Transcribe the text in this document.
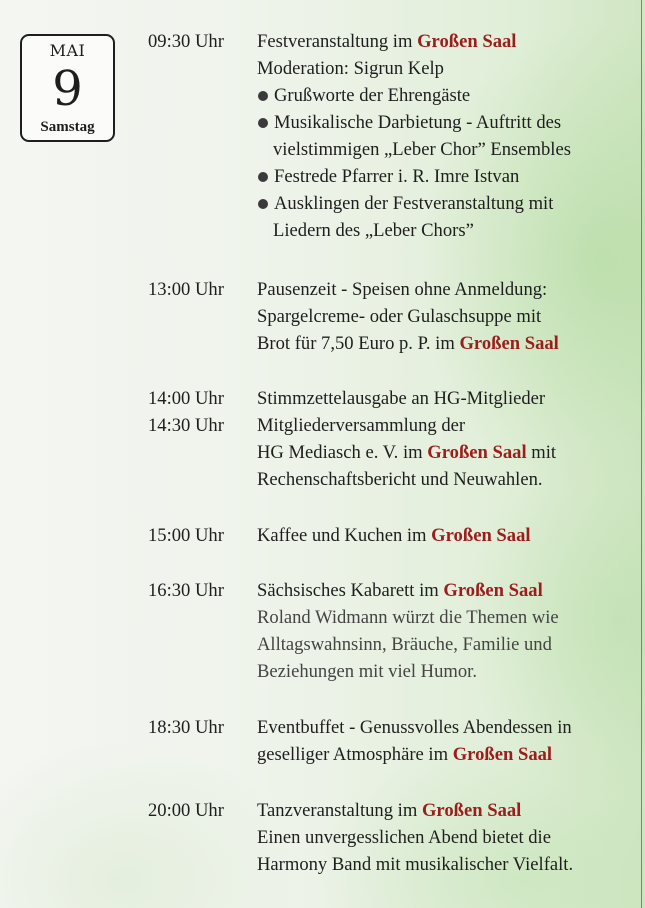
MAI
9
Samstag
09:30 Uhr Festveranstaltung im Großen Saal
Moderation: Sigrun Kelp
Grußworte der Ehrengäste
Musikalische Darbietung - Auftritt des
vielstimmigen „Leber Chor” Ensembles
Festrede Pfarrer i. R. Imre Istvan
Ausklingen der Festveranstaltung mit
Liedern des „Leber Chors”
13:00 Uhr Pausenzeit - Speisen ohne Anmeldung:
Spargelcreme- oder Gulaschsuppe mit
Brot für 7,50 Euro p. P. im Großen Saal
14:00 Uhr Stimmzettelausgabe an HG-Mitglieder
14:30 Uhr Mitgliederversammlung der
HG Mediasch e. V. im Großen Saal mit
Rechenschaftsbericht und Neuwahlen.
15:00 Uhr Kaffee und Kuchen im Großen Saal
16:30 Uhr Sächsisches Kabarett im Großen Saal
Roland Widmann würzt die Themen wie
Alltagswahnsinn, Bräuche, Familie und
Beziehungen mit viel Humor.
18:30 Uhr Eventbuffet - Genussvolles Abendessen in
geselliger Atmosphäre im Großen Saal
20:00 Uhr Tanzveranstaltung im Großen Saal
Einen unvergesslichen Abend bietet die
Harmony Band mit musikalischer Vielfalt.
